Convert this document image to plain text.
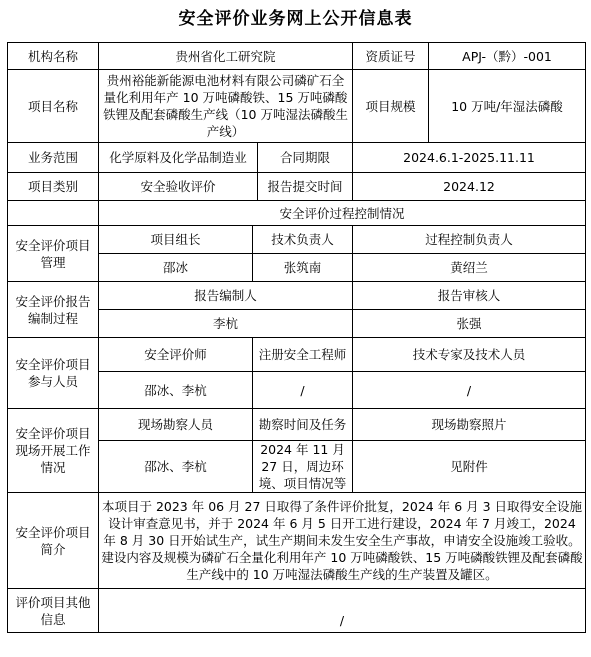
安全评价业务网上公开信息表
机构名称	贵州省化工研究院			资质证号	APJ-（黔）-001
项目名称	贵州裕能新能源电池材料有限公司磷矿石全量化利用年产 10 万吨磷酸铁、15 万吨磷酸铁锂及配套磷酸生产线（10 万吨湿法磷酸生产线）			项目规模	10 万吨/年湿法磷酸
业务范围	化学原料及化学品制造业		合同期限	2024.6.1-2025.11.11	
项目类别	安全验收评价		报告提交时间	2024.12	
	安全评价过程控制情况				
安全评价项目管理	项目组长	技术负责人		过程控制负责人	
	邵冰	张筑南		黄绍兰	
安全评价报告编制过程	报告编制人			报告审核人	
	李杭			张强	
安全评价项目参与人员	安全评价师	注册安全工程师		技术专家及技术人员	
	邵冰、李杭	/		/	
安全评价项目现场开展工作情况	现场勘察人员	勘察时间及任务		现场勘察照片	
	邵冰、李杭	2024 年 11 月 27 日，周边环境、项目情况等		见附件	
安全评价项目简介	本项目于 2023 年 06 月 27 日取得了条件评价批复，2024 年 6 月 3 日取得安全设施设计审查意见书，并于 2024 年 6 月 5 日开工进行建设，2024 年 7 月竣工，2024 年 8 月 30 日开始试生产，试生产期间未发生安全生产事故，申请安全设施竣工验收。建设内容及规模为磷矿石全量化利用年产 10 万吨磷酸铁、15 万吨磷酸铁锂及配套磷酸生产线中的 10 万吨湿法磷酸生产线的生产装置及罐区。				
评价项目其他信息	/				
